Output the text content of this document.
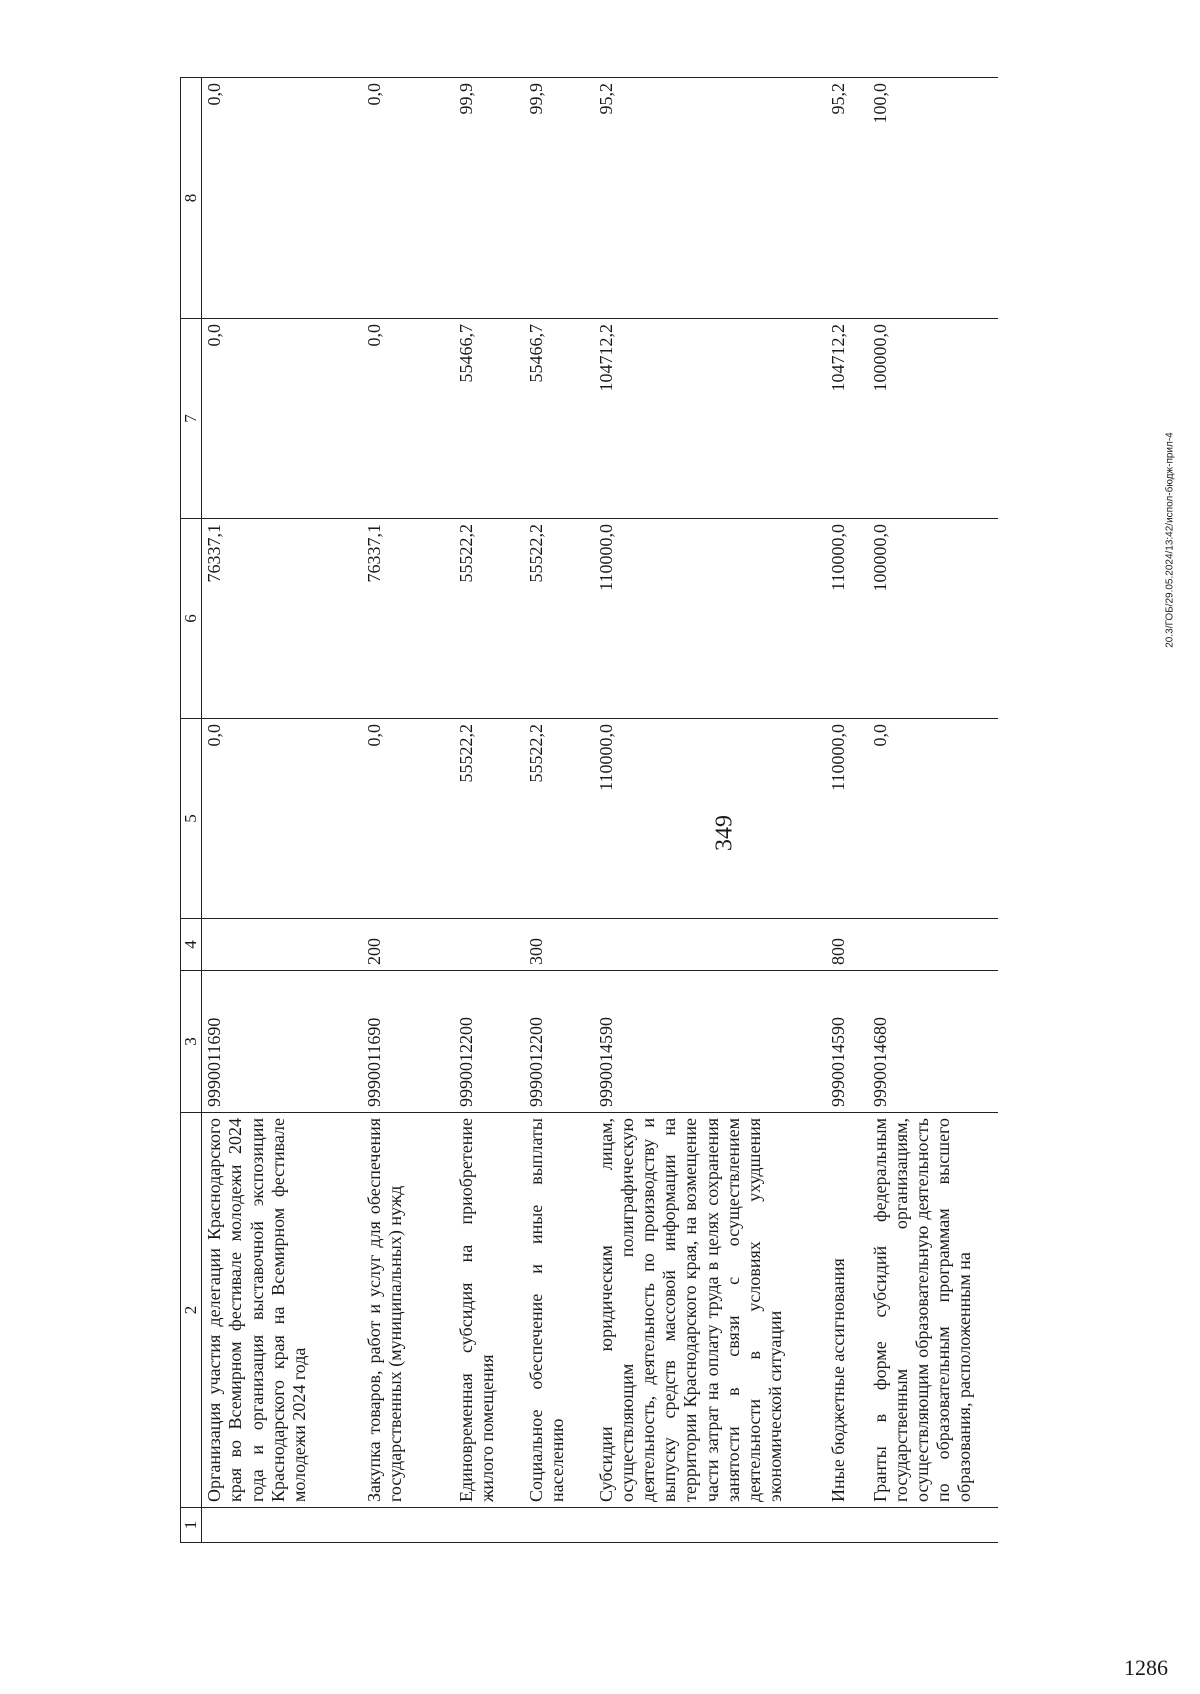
349
20.3/ГОБ/29.05.2024/13:42/испол-бюдж-прил-4
1286
1	2	3	4	5	6	7	8
	Организация участия делегации Краснодарского края во Всемирном фестивале молодежи 2024 года и организация выставочной экспозиции Краснодарского края на Всемирном фестивале молодежи 2024 года	9990011690		0,0	76337,1	0,0	0,0
	Закупка товаров, работ и услуг для обеспечения государственных (муниципальных) нужд	9990011690	200	0,0	76337,1	0,0	0,0
	Единовременная субсидия на приобретение жилого помещения	9990012200		55522,2	55522,2	55466,7	99,9
	Социальное обеспечение и иные выплаты населению	9990012200	300	55522,2	55522,2	55466,7	99,9
	Субсидии юридическим лицам, осуществляющим полиграфическую деятельность, деятельность по производству и выпуску средств массовой информации на территории Краснодарского края, на возмещение части затрат на оплату труда в целях сохранения занятости в связи с осуществлением деятельности в условиях ухудшения экономической ситуации	9990014590		110000,0	110000,0	104712,2	95,2
	Иные бюджетные ассигнования	9990014590	800	110000,0	110000,0	104712,2	95,2
	Гранты в форме субсидий федеральным государственным организациям, осуществляющим образовательную деятельность по образовательным программам высшего образования, расположенным на	9990014680		0,0	100000,0	100000,0	100,0
